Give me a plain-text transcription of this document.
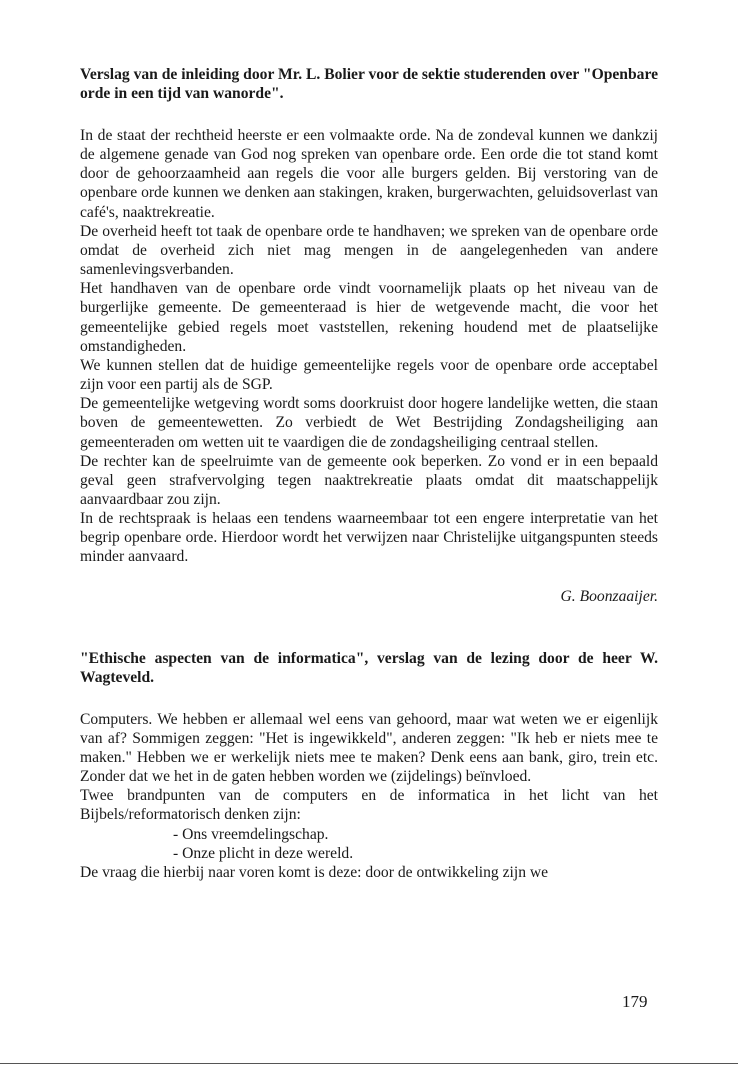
Verslag van de inleiding door Mr. L. Bolier voor de sektie studerenden over "Openbare orde in een tijd van wanorde".

In de staat der rechtheid heerste er een volmaakte orde. Na de zondeval kunnen we dankzij de algemene genade van God nog spreken van openbare orde. Een orde die tot stand komt door de gehoorzaamheid aan regels die voor alle burgers gelden. Bij verstoring van de openbare orde kunnen we denken aan stakingen, kraken, burgerwachten, geluidsoverlast van café's, naaktrekreatie.

De overheid heeft tot taak de openbare orde te handhaven; we spreken van de openbare orde omdat de overheid zich niet mag mengen in de aangelegenheden van andere samenlevingsverbanden.

Het handhaven van de openbare orde vindt voornamelijk plaats op het niveau van de burgerlijke gemeente. De gemeenteraad is hier de wetgevende macht, die voor het gemeentelijke gebied regels moet vaststellen, rekening houdend met de plaatselijke omstandigheden.

We kunnen stellen dat de huidige gemeentelijke regels voor de openbare orde acceptabel zijn voor een partij als de SGP.

De gemeentelijke wetgeving wordt soms doorkruist door hogere landelijke wetten, die staan boven de gemeentewetten. Zo verbiedt de Wet Bestrijding Zondagsheiliging aan gemeenteraden om wetten uit te vaardigen die de zondagsheiliging centraal stellen.

De rechter kan de speelruimte van de gemeente ook beperken. Zo vond er in een bepaald geval geen strafvervolging tegen naaktrekreatie plaats omdat dit maatschappelijk aanvaardbaar zou zijn.

In de rechtspraak is helaas een tendens waarneembaar tot een engere interpretatie van het begrip openbare orde. Hierdoor wordt het verwijzen naar Christelijke uitgangspunten steeds minder aanvaard.

G. Boonzaaijer.
"Ethische aspecten van de informatica", verslag van de lezing door de heer W. Wagteveld.

Computers. We hebben er allemaal wel eens van gehoord, maar wat weten we er eigenlijk van af? Sommigen zeggen: "Het is ingewikkeld", anderen zeggen: "Ik heb er niets mee te maken." Hebben we er werkelijk niets mee te maken? Denk eens aan bank, giro, trein etc. Zonder dat we het in de gaten hebben worden we (zijdelings) beïnvloed.

Twee brandpunten van de computers en de informatica in het licht van het Bijbels/reformatorisch denken zijn:

- Ons vreemdelingschap.

- Onze plicht in deze wereld.

De vraag die hierbij naar voren komt is deze: door de ontwikkeling zijn we

179
